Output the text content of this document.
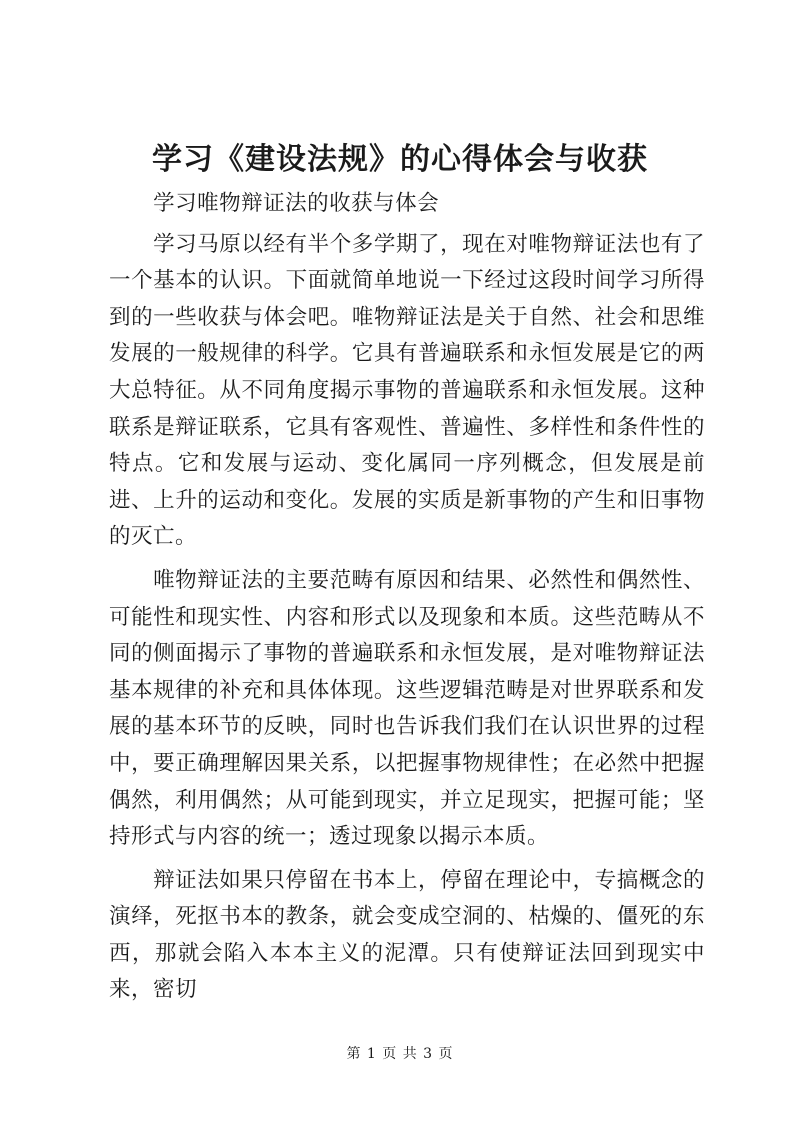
学习《建设法规》的心得体会与收获

学习唯物辩证法的收获与体会

学习马原以经有半个多学期了，现在对唯物辩证法也有了一个基本的认识。下面就简单地说一下经过这段时间学习所得到的一些收获与体会吧。唯物辩证法是关于自然、社会和思维发展的一般规律的科学。它具有普遍联系和永恒发展是它的两大总特征。从不同角度揭示事物的普遍联系和永恒发展。这种联系是辩证联系，它具有客观性、普遍性、多样性和条件性的特点。它和发展与运动、变化属同一序列概念，但发展是前进、上升的运动和变化。发展的实质是新事物的产生和旧事物的灭亡。

唯物辩证法的主要范畴有原因和结果、必然性和偶然性、可能性和现实性、内容和形式以及现象和本质。这些范畴从不同的侧面揭示了事物的普遍联系和永恒发展，是对唯物辩证法基本规律的补充和具体体现。这些逻辑范畴是对世界联系和发展的基本环节的反映，同时也告诉我们我们在认识世界的过程中，要正确理解因果关系，以把握事物规律性；在必然中把握偶然，利用偶然；从可能到现实，并立足现实，把握可能；坚持形式与内容的统一；透过现象以揭示本质。

辩证法如果只停留在书本上，停留在理论中，专搞概念的演绎，死抠书本的教条，就会变成空洞的、枯燥的、僵死的东西，那就会陷入本本主义的泥潭。只有使辩证法回到现实中来，密切

第 1 页 共 3 页
